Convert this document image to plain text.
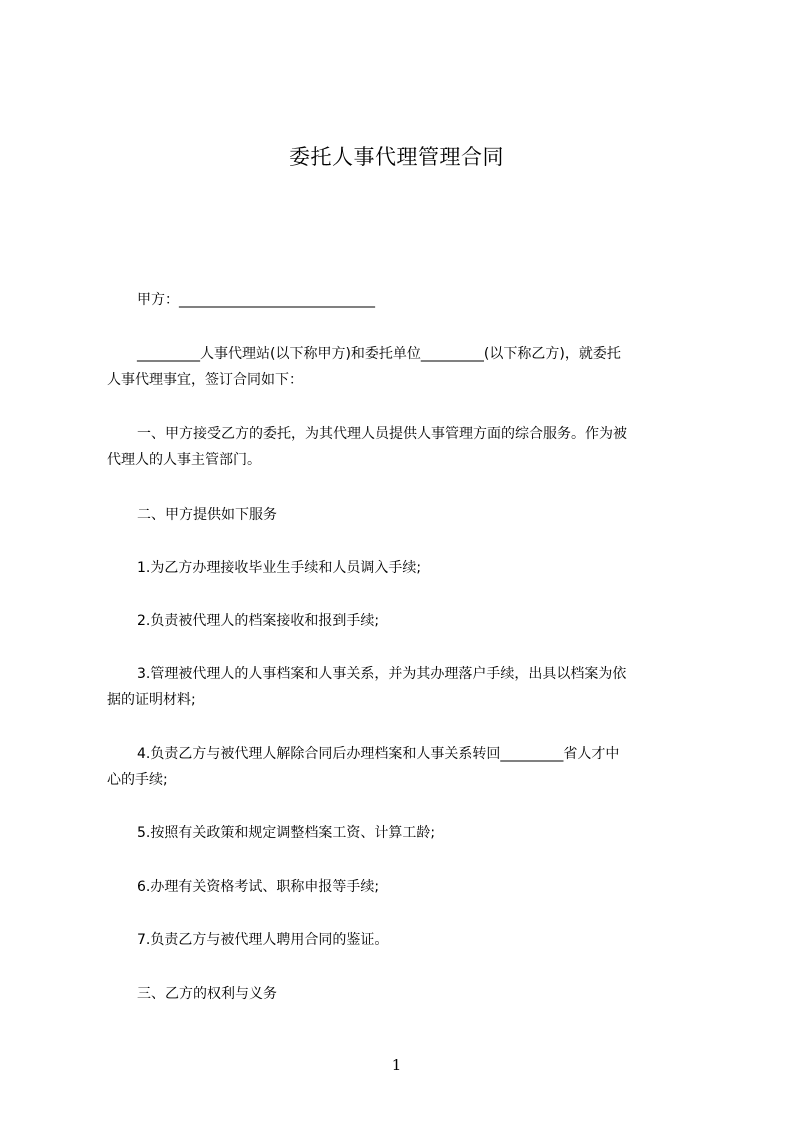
委托人事代理管理合同

甲方：____________________________

_________人事代理站(以下称甲方)和委托单位_________(以下称乙方)，就委托
人事代理事宜，签订合同如下：

一、甲方接受乙方的委托，为其代理人员提供人事管理方面的综合服务。作为被
代理人的人事主管部门。

二、甲方提供如下服务

1.为乙方办理接收毕业生手续和人员调入手续;

2.负责被代理人的档案接收和报到手续;

3.管理被代理人的人事档案和人事关系，并为其办理落户手续，出具以档案为依
据的证明材料;

4.负责乙方与被代理人解除合同后办理档案和人事关系转回_________省人才中
心的手续;

5.按照有关政策和规定调整档案工资、计算工龄;

6.办理有关资格考试、职称申报等手续;

7.负责乙方与被代理人聘用合同的鉴证。

三、乙方的权利与义务

1
